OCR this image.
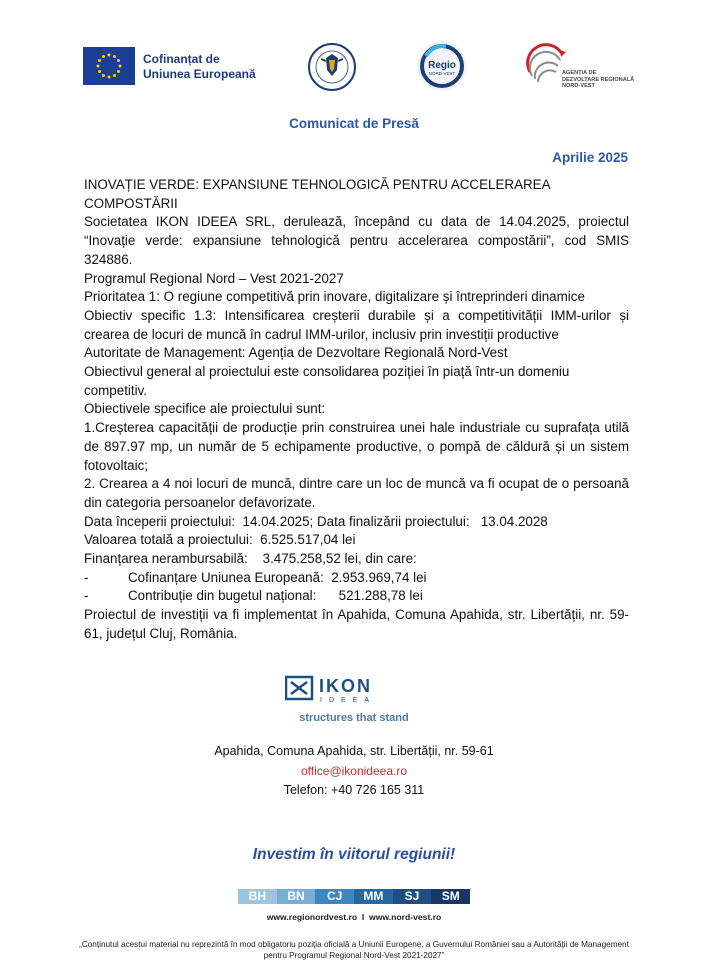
Cofinanțat de
Uniunea Europeană
Regio
NORD-VEST	AGENȚIA DE
DEZVOLTARE REGIONALĂ
NORD-VEST
Comunicat de Presă
Aprilie 2025

INOVAȚIE VERDE: EXPANSIUNE TEHNOLOGICĂ PENTRU ACCELERAREA COMPOSTĂRII

Societatea IKON IDEEA SRL, derulează, începând cu data de 14.04.2025, proiectul “Inovație verde: expansiune tehnologică pentru accelerarea compostării”, cod SMIS 324886.

Programul Regional Nord – Vest 2021-2027

Prioritatea 1: O regiune competitivă prin inovare, digitalizare și întreprinderi dinamice

Obiectiv specific 1.3: Intensificarea creșterii durabile și a competitivității IMM-urilor și crearea de locuri de muncă în cadrul IMM-urilor, inclusiv prin investiții productive

Autoritate de Management: Agenția de Dezvoltare Regională Nord-Vest

Obiectivul general al proiectului este consolidarea poziției în piață într-un domeniu competitiv.

Obiectivele specifice ale proiectului sunt:

1.Creșterea capacității de producție prin construirea unei hale industriale cu suprafața utilă de 897.97 mp, un număr de 5 echipamente productive, o pompă de căldură și un sistem fotovoltaic;

2. Crearea a 4 noi locuri de muncă, dintre care un loc de muncă va fi ocupat de o persoană din categoria persoanelor defavorizate.

Data începerii proiectului:  14.04.2025; Data finalizării proiectului:   13.04.2028

Valoarea totală a proiectului:  6.525.517,04 lei

Finanțarea nerambursabilă:    3.475.258,52 lei, din care:

-	Cofinanțare Uniunea Europeană:  2.953.969,74 lei
-	Contribuție din bugetul național:      521.288,78 lei

Proiectul de investiții va fi implementat în Apahida, Comuna Apahida, str. Libertății, nr. 59-61, județul Cluj, România.

IKON
IDEEA
structures that stand
Apahida, Comuna Apahida, str. Libertății, nr. 59-61
office@ikonideea.ro
Telefon: +40 726 165 311
Investim în viitorul regiunii!
BH	BN	CJ	MM	SJ	SM
www.regionordvest.ro  I  www.nord-vest.ro
„Conținutul acestui material nu reprezintă în mod obligatoriu poziția oficială a Uniunii Europene, a Guvernului României sau a Autorității de Management pentru Programul Regional Nord-Vest 2021-2027”
